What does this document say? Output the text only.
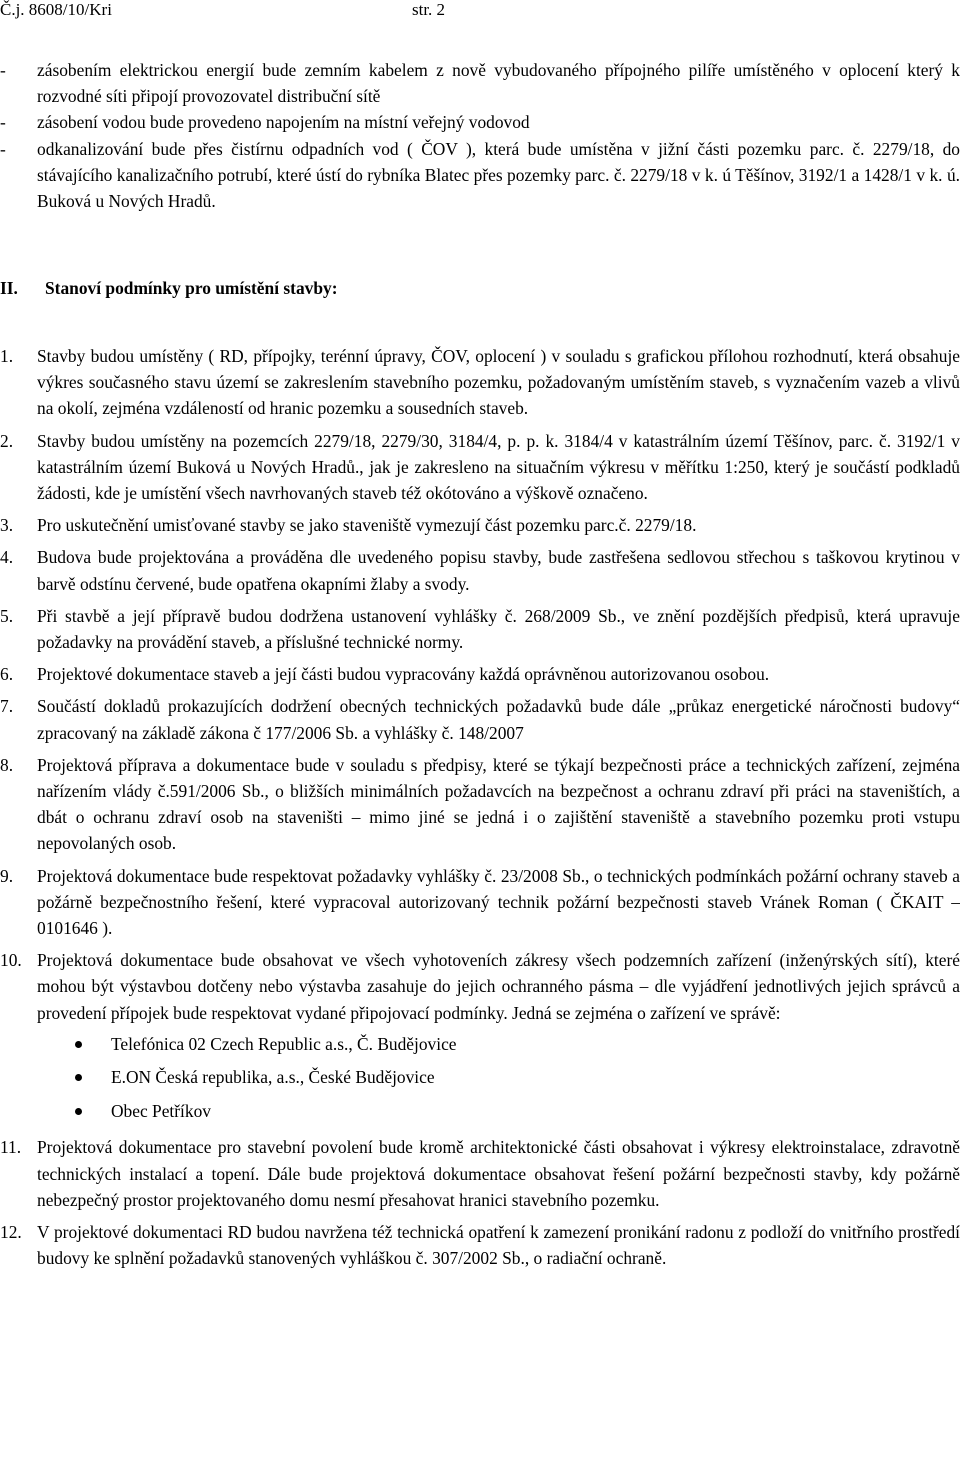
Č.j. 8608/10/Kri	str. 2
- zásobením elektrickou energií bude zemním kabelem z nově vybudovaného přípojného pilíře umístěného v oplocení který k rozvodné síti připojí provozovatel distribuční sítě
- zásobení vodou bude provedeno napojením na místní veřejný vodovod
- odkanalizování bude přes čistírnu odpadních vod ( ČOV ), která bude umístěna v jižní části pozemku parc. č. 2279/18, do stávajícího kanalizačního potrubí, které ústí do rybníka Blatec přes pozemky parc. č. 2279/18 v k. ú Těšínov, 3192/1 a 1428/1 v k. ú. Buková u Nových Hradů.
II. Stanoví podmínky pro umístění stavby:
1. Stavby budou umístěny ( RD, přípojky, terénní úpravy, ČOV, oplocení ) v souladu s grafickou přílohou rozhodnutí, která obsahuje výkres současného stavu území se zakreslením stavebního pozemku, požadovaným umístěním staveb, s vyznačením vazeb a vlivů na okolí, zejména vzdáleností od hranic pozemku a sousedních staveb.
2. Stavby budou umístěny na pozemcích 2279/18, 2279/30, 3184/4, p. p. k. 3184/4 v katastrálním území Těšínov, parc. č. 3192/1 v katastrálním území Buková u Nových Hradů., jak je zakresleno na situačním výkresu v měřítku 1:250, který je součástí podkladů žádosti, kde je umístění všech navrhovaných staveb též okótováno a výškově označeno.
3. Pro uskutečnění umisťované stavby se jako staveniště vymezují část pozemku parc.č. 2279/18.
4. Budova bude projektována a prováděna dle uvedeného popisu stavby, bude zastřešena sedlovou střechou s taškovou krytinou v barvě odstínu červené, bude opatřena okapními žlaby a svody.
5. Při stavbě a její přípravě budou dodržena ustanovení vyhlášky č. 268/2009 Sb., ve znění pozdějších předpisů, která upravuje požadavky na provádění staveb, a příslušné technické normy.
6. Projektové dokumentace staveb a její části budou vypracovány každá oprávněnou autorizovanou osobou.
7. Součástí dokladů prokazujících dodržení obecných technických požadavků bude dále „průkaz energetické náročnosti budovy“ zpracovaný na základě zákona č 177/2006 Sb. a vyhlášky č. 148/2007
8. Projektová příprava a dokumentace bude v souladu s předpisy, které se týkají bezpečnosti práce a technických zařízení, zejména nařízením vlády č.591/2006 Sb., o bližších minimálních požadavcích na bezpečnost a ochranu zdraví při práci na staveništích, a dbát o ochranu zdraví osob na staveništi – mimo jiné se jedná i o zajištění staveniště a stavebního pozemku proti vstupu nepovolaných osob.
9. Projektová dokumentace bude respektovat požadavky vyhlášky č. 23/2008 Sb., o technických podmínkách požární ochrany staveb a požárně bezpečnostního řešení, které vypracoval autorizovaný technik požární bezpečnosti staveb Vránek Roman ( ČKAIT – 0101646 ).
10. Projektová dokumentace bude obsahovat ve všech vyhotoveních zákresy všech podzemních zařízení (inženýrských sítí), které mohou být výstavbou dotčeny nebo výstavba zasahuje do jejich ochranného pásma – dle vyjádření jednotlivých jejich správců a provedení přípojek bude respektovat vydané připojovací podmínky. Jedná se zejména o zařízení ve správě:
Telefónica 02 Czech Republic a.s., Č. Budějovice
E.ON Česká republika, a.s., České Budějovice
Obec Petříkov
11. Projektová dokumentace pro stavební povolení bude kromě architektonické části obsahovat i výkresy elektroinstalace, zdravotně technických instalací a topení. Dále bude projektová dokumentace obsahovat řešení požární bezpečnosti stavby, kdy požárně nebezpečný prostor projektovaného domu nesmí přesahovat hranici stavebního pozemku.
12. V projektové dokumentaci RD budou navržena též technická opatření k zamezení pronikání radonu z podloží do vnitřního prostředí budovy ke splnění požadavků stanovených vyhláškou č. 307/2002 Sb., o radiační ochraně.
